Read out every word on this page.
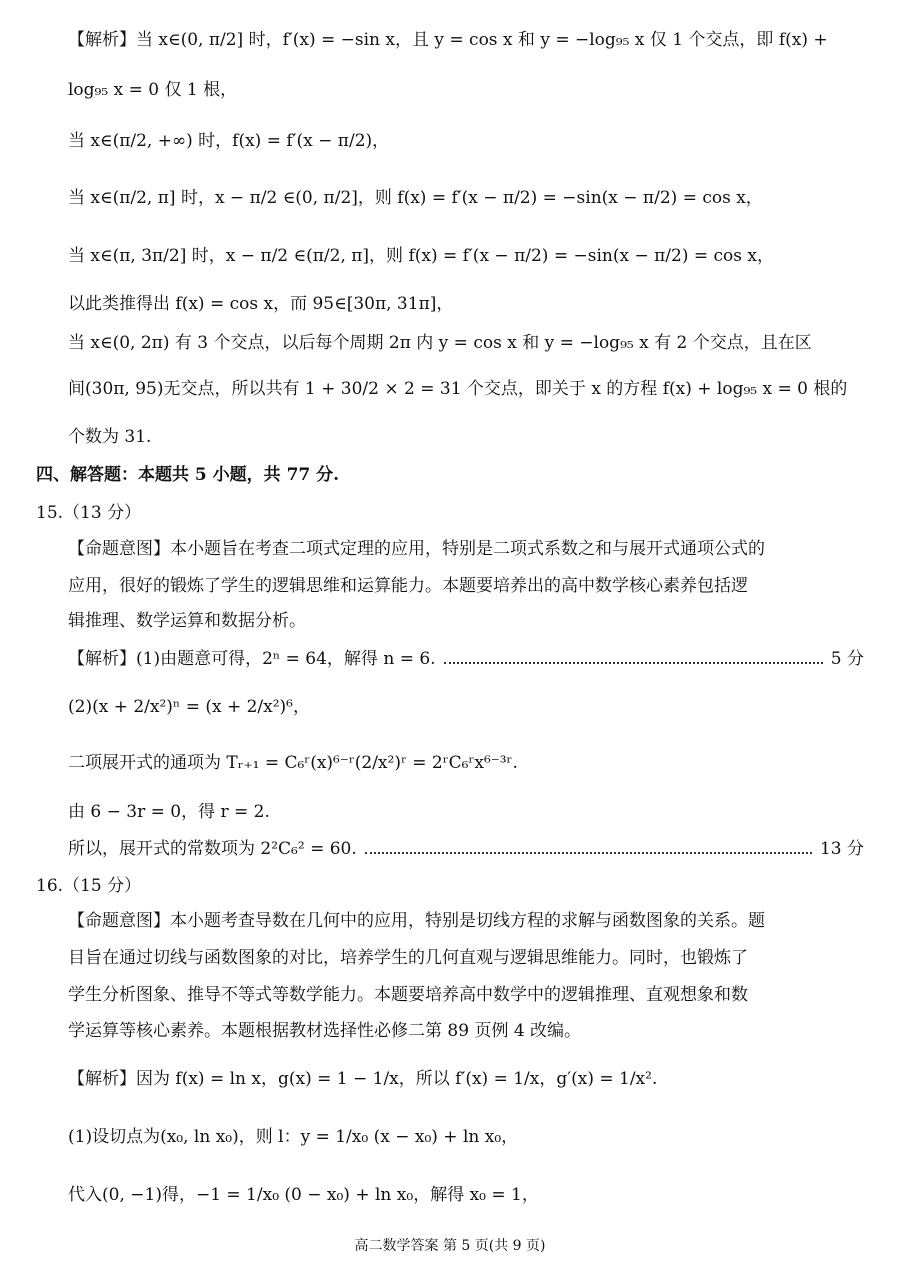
【解析】当 x∈(0, π/2] 时，f′(x) = −sin x，且 y = cos x 和 y = −log₉₅ x 仅 1 个交点，即 f(x) +
log₉₅ x = 0 仅 1 根，
当 x∈(π/2, +∞) 时，f(x) = f′(x − π/2)，
当 x∈(π/2, π] 时，x − π/2 ∈(0, π/2]，则 f(x) = f′(x − π/2) = −sin(x − π/2) = cos x，
当 x∈(π, 3π/2] 时，x − π/2 ∈(π/2, π]，则 f(x) = f′(x − π/2) = −sin(x − π/2) = cos x，
以此类推得出 f(x) = cos x，而 95∈[30π, 31π]，
当 x∈(0, 2π) 有 3 个交点，以后每个周期 2π 内 y = cos x 和 y = −log₉₅ x 有 2 个交点，且在区
间(30π, 95)无交点，所以共有 1 + 30/2 × 2 = 31 个交点，即关于 x 的方程 f(x) + log₉₅ x = 0 根的
个数为 31.
四、解答题：本题共 5 小题，共 77 分.
15.（13 分）
【命题意图】本小题旨在考查二项式定理的应用，特别是二项式系数之和与展开式通项公式的
应用，很好的锻炼了学生的逻辑思维和运算能力。本题要培养出的高中数学核心素养包括逻
辑推理、数学运算和数据分析。
【解析】(1)由题意可得，2ⁿ = 64，解得 n = 6.	5 分
(2)(x + 2/x²)ⁿ = (x + 2/x²)⁶，
二项展开式的通项为 Tᵣ₊₁ = C₆ʳ(x)⁶⁻ʳ(2/x²)ʳ = 2ʳC₆ʳx⁶⁻³ʳ.
由 6 − 3r = 0，得 r = 2.
所以，展开式的常数项为 2²C₆² = 60.	13 分
16.（15 分）
【命题意图】本小题考查导数在几何中的应用，特别是切线方程的求解与函数图象的关系。题
目旨在通过切线与函数图象的对比，培养学生的几何直观与逻辑思维能力。同时，也锻炼了
学生分析图象、推导不等式等数学能力。本题要培养高中数学中的逻辑推理、直观想象和数
学运算等核心素养。本题根据教材选择性必修二第 89 页例 4 改编。
【解析】因为 f(x) = ln x，g(x) = 1 − 1/x，所以 f′(x) = 1/x，g′(x) = 1/x².
(1)设切点为(x₀, ln x₀)，则 l：y = 1/x₀ (x − x₀) + ln x₀，
代入(0, −1)得，−1 = 1/x₀ (0 − x₀) + ln x₀，解得 x₀ = 1，
高二数学答案 第 5 页(共 9 页)
